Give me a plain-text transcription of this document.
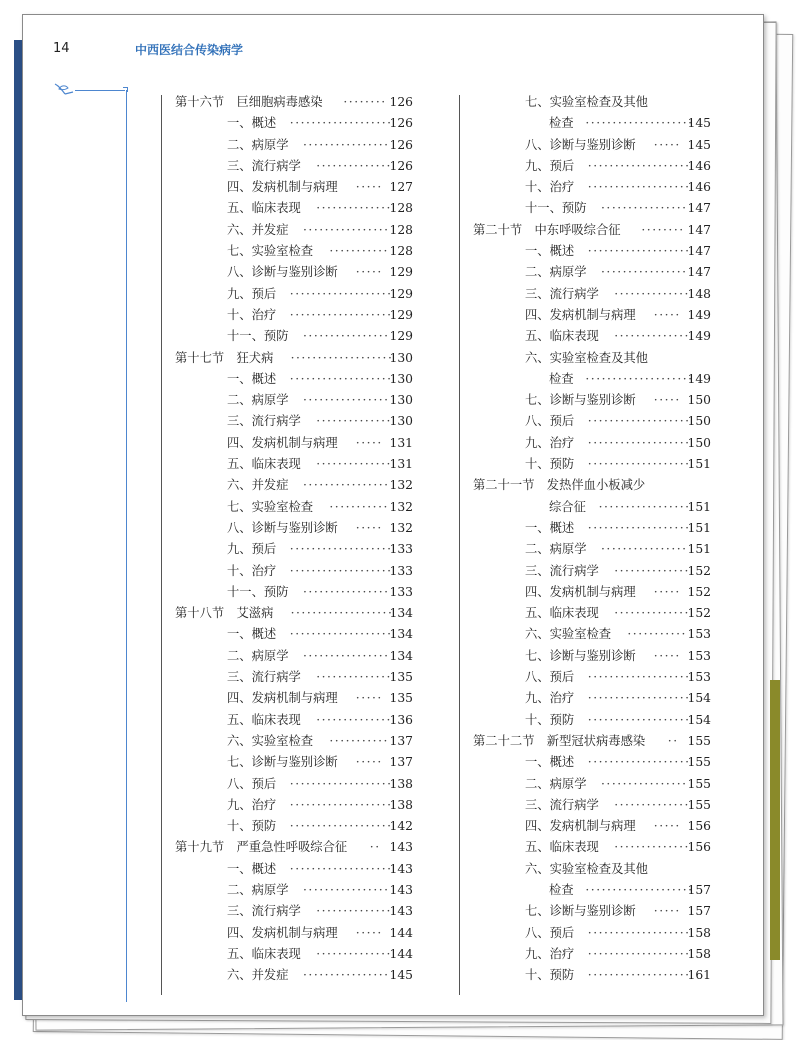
14	中西医结合传染病学
第十六节　巨细胞病毒感染	126
········
一、概述	126
···················
二、病原学	126
················
三、流行病学	126
··············
四、发病机制与病理	127
·····
五、临床表现	128
··············
六、并发症	128
················
七、实验室检查	128
···········
八、诊断与鉴别诊断	129
·····
九、预后	129
···················
十、治疗	129
···················
十一、预防	129
················
第十七节　狂犬病	130
···················
一、概述	130
···················
二、病原学	130
················
三、流行病学	130
··············
四、发病机制与病理	131
·····
五、临床表现	131
··············
六、并发症	132
················
七、实验室检查	132
···········
八、诊断与鉴别诊断	132
·····
九、预后	133
···················
十、治疗	133
···················
十一、预防	133
················
第十八节　艾滋病	134
···················
一、概述	134
···················
二、病原学	134
················
三、流行病学	135
··············
四、发病机制与病理	135
·····
五、临床表现	136
··············
六、实验室检查	137
···········
七、诊断与鉴别诊断	137
·····
八、预后	138
···················
九、治疗	138
···················
十、预防	142
···················
第十九节　严重急性呼吸综合征	143
··
一、概述	143
···················
二、病原学	143
················
三、流行病学	143
··············
四、发病机制与病理	144
·····
五、临床表现	144
··············
六、并发症	145
················
七、实验室检查及其他
检查	145
····················
八、诊断与鉴别诊断	145
·····
九、预后	146
···················
十、治疗	146
···················
十一、预防	147
················
第二十节　中东呼吸综合征	147
········
一、概述	147
···················
二、病原学	147
················
三、流行病学	148
··············
四、发病机制与病理	149
·····
五、临床表现	149
··············
六、实验室检查及其他
检查	149
····················
七、诊断与鉴别诊断	150
·····
八、预后	150
···················
九、治疗	150
···················
十、预防	151
···················
第二十一节　发热伴血小板减少
综合征	151
·················
一、概述	151
···················
二、病原学	151
················
三、流行病学	152
··············
四、发病机制与病理	152
·····
五、临床表现	152
··············
六、实验室检查	153
···········
七、诊断与鉴别诊断	153
·····
八、预后	153
···················
九、治疗	154
···················
十、预防	154
···················
第二十二节　新型冠状病毒感染	155
··
一、概述	155
···················
二、病原学	155
················
三、流行病学	155
··············
四、发病机制与病理	156
·····
五、临床表现	156
··············
六、实验室检查及其他
检查	157
····················
七、诊断与鉴别诊断	157
·····
八、预后	158
···················
九、治疗	158
···················
十、预防	161
···················
